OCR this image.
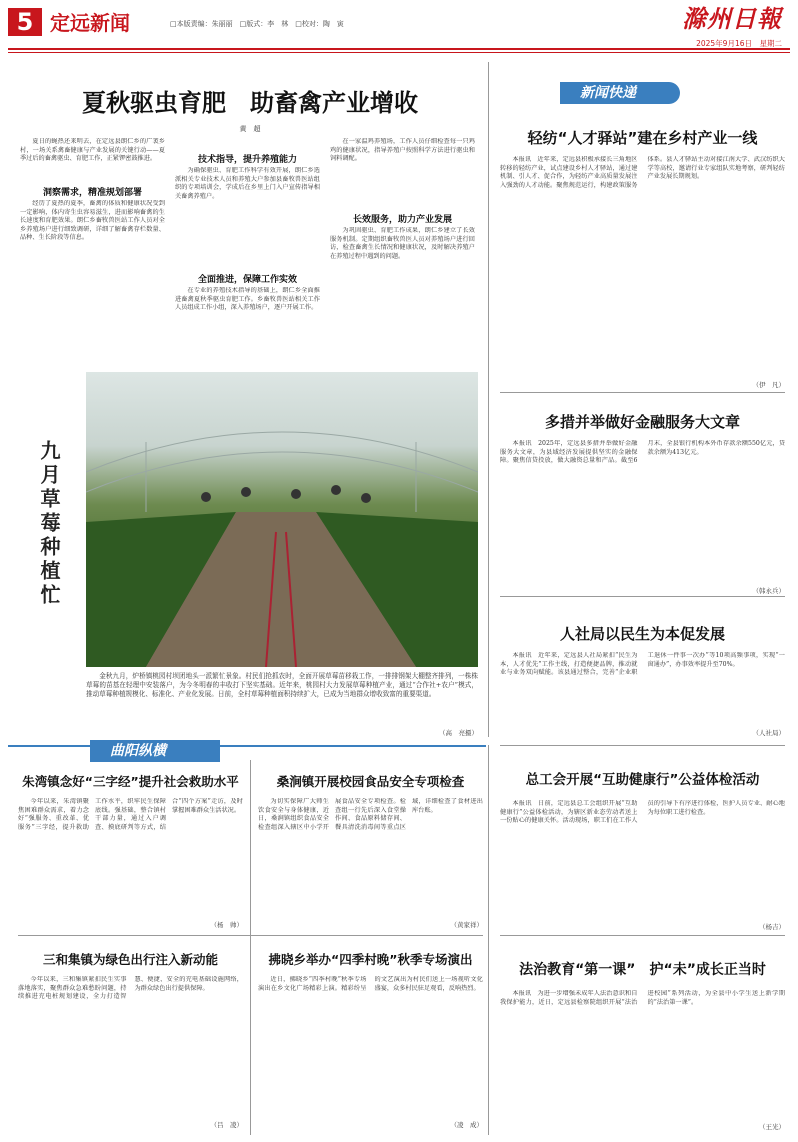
5 定远新闻	□本版责编：朱丽丽　□版式：李　林　□校对：陶　寅	滁州日報
2025年9月16日　星期二
夏秋驱虫育肥　助畜禽产业增收
黄　超

夏日的蝇热还来明去，在定远县朗仁乡的广袤乡村，一场关系禽畜健康与产业发展的关键行动——夏季过后的畜禽驱虫、育肥工作，正紧锣密鼓推进。

洞察需求，精准规划部署

经历了夏热的夏季，畜禽的体质和健康状况受到一定影响，体内寄生虫容易滋生，进而影响畜禽的生长速度和育肥效果。朗仁乡畜牧兽医站工作人员对全乡养殖场户进行细致调研，详细了解畜禽存栏数量、品种、生长阶段等信息。

技术指导，提升养殖能力

为确保驱虫、育肥工作科学有效开展，朗仁乡选派相关专业技术人员和养殖大户参加县畜牧兽医站组织的专项培训会，学成后在乡里上门入户宣传指导相关畜禽养殖户。

全面推进，保障工作实效

在专业的养殖技术指导的基础上，朗仁乡全面推进畜禽夏秋季驱虫育肥工作。乡畜牧兽医站相关工作人员组成工作小组，深入养殖场户，逐户开展工作。

在一家温鸡养殖场，工作人员仔细检查每一只鸡鸡的健康状况，指导养殖户按照科学方法进行驱虫和饲料调配。

长效服务，助力产业发展

为巩固驱虫、育肥工作成果，朗仁乡建立了长效服务机制。定期组织畜牧兽医人员对养殖场户进行回访，检查畜禽生长情况和健康状况，及时解决养殖户在养殖过程中遇到的问题。

九月草莓种植忙

金秋九月，炉桥镇桃园村坝团地头一派繁忙景象。村民们抢抓农时，全面开展草莓苗移栽工作，一排排钢架大棚整齐排列，一株株草莓的苗基在轻理中安装落户，为今冬明春的丰收打下坚实基础。近年来，桃园村大力发展草莓种植产业，通过“合作社+农户”模式，推动草莓种植规模化、标准化、产业化发展。日前，全村草莓种植面积持续扩大，已成为当地群众增收致富的重要渠道。

（高　亮摄）
新闻快递
轻纺“人才驿站”建在乡村产业一线

本报讯　近年来，定远县积极承接长三角地区转移的轻纺产业，试点建设乡村人才驿站，通过建机制、引人才、促合作，为轻纺产业高质量发展注入强劲的人才动能。聚焦规范运行，构建政策服务体系。县人才驿站主动对接江南大学、武汉纺织大学等高校，邀请行业专家组队实地考察，研判轻纺产业发展长期规划。

（伊　凡）
多措并举做好金融服务大文章

本报讯　2025年，定远县多措并举做好金融服务大文章，为县域经济发展提供坚实的金融保障。聚焦信贷投放，做大融资总量和产品。截至6月末，全县银行机构本外币存款余额550亿元，贷款余额为413亿元。

（韩永兵）
人社局以民生为本促发展

本报讯　近年来，定远县人社局紧扣“民生为本，人才优先”工作主线，打造便捷品牌，推动就业与业务双向赋能。该县通过整合，完善“企业职工退休一件事一次办”等10项高频事项，实现“一窗通办”，办事效率提升至70%。

（人社局）
曲阳纵横
朱湾镇念好“三字经”提升社会救助水平

今年以来，朱湾镇聚焦困难群众需求，着力念好“强服务、重改革、优服务”三字经，提升救助工作水平，织牢民生保障底线。强基础，整合镇村干部力量，通过入户调查、摸底研判等方式，结合“四个方案”走访，及时掌握困难群众生活状况。

（杨　帅）
桑涧镇开展校园食品安全专项检查

为切实保障广大师生饮食安全与身体健康，近日，桑涧镇组织食品安全检查组深入辖区中小学开展食品安全专项检查。检查组一行先后深入食堂操作间、食品原料储存间、餐具清洗消毒间等重点区域，详细检查了食材进出库台账。

（黄家祥）
三和集镇为绿色出行注入新动能

今年以来，三和集镇紧扣民生实事落地落实，聚焦群众急难愁盼问题，持续推进充电桩规划建设，全力打造智慧、便捷、安全的充电基础设施网络，为群众绿色出行提供保障。

（吕　凌）
拂晓乡举办“四季村晚”秋季专场演出

近日，拂晓乡“四季村晚”秋季专场演出在乡文化广场精彩上演。精彩纷呈的文艺演出为村民们送上一场视听文化盛宴，众多村民驻足观看，反响热烈。

（凌　成）
总工会开展“互助健康行”公益体检活动

本报讯　日前，定远县总工会组织开展“互助健康行”公益体检活动，为辖区新业态劳动者送上一份贴心的健康关怀。活动现场，职工们在工作人员的引导下有序进行体检，医护人员专业、耐心地为每位职工进行检查。

（杨吉）
法治教育“第一课”　护“未”成长正当时

本报讯　为进一步增强未成年人法治意识和自我保护能力，近日，定远县检察院组织开展“法治进校园”系列活动，为全县中小学生送上新学期的“法治第一课”。

（王光）
